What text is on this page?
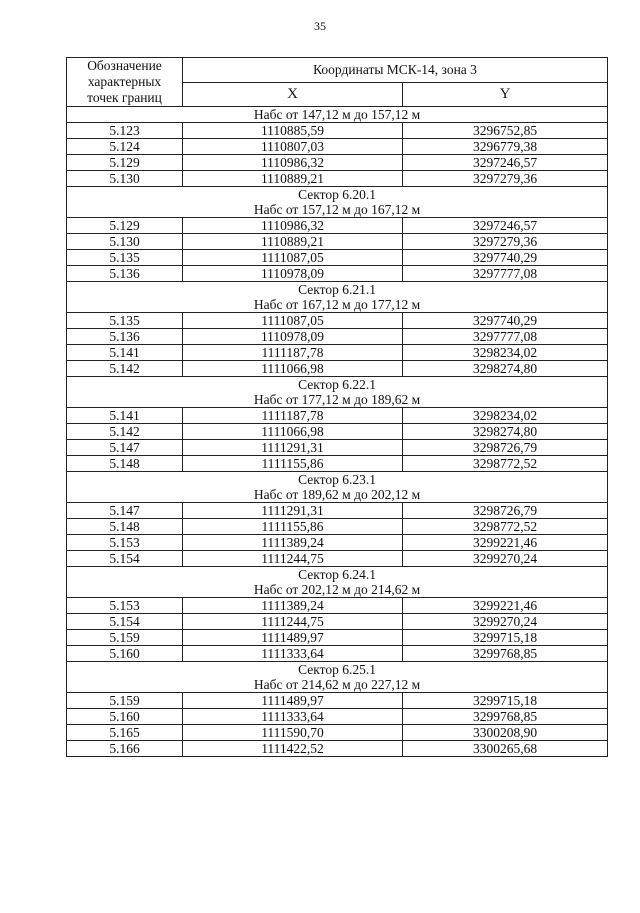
35
Обозначение
характерных
точек границ	Координаты МСК-14, зона 3	
	X	Y

Набс от 147,12 м до 157,12 м		

5.123	1110885,59	3296752,85
5.124	1110807,03	3296779,38
5.129	1110986,32	3297246,57
5.130	1110889,21	3297279,36

Сектор 6.20.1
Набс от 157,12 м до 167,12 м		

5.129	1110986,32	3297246,57
5.130	1110889,21	3297279,36
5.135	1111087,05	3297740,29
5.136	1110978,09	3297777,08

Сектор 6.21.1
Набс от 167,12 м до 177,12 м		

5.135	1111087,05	3297740,29
5.136	1110978,09	3297777,08
5.141	1111187,78	3298234,02
5.142	1111066,98	3298274,80

Сектор 6.22.1
Набс от 177,12 м до 189,62 м		

5.141	1111187,78	3298234,02
5.142	1111066,98	3298274,80
5.147	1111291,31	3298726,79
5.148	1111155,86	3298772,52

Сектор 6.23.1
Набс от 189,62 м до 202,12 м		

5.147	1111291,31	3298726,79
5.148	1111155,86	3298772,52
5.153	1111389,24	3299221,46
5.154	1111244,75	3299270,24

Сектор 6.24.1
Набс от 202,12 м до 214,62 м		

5.153	1111389,24	3299221,46
5.154	1111244,75	3299270,24
5.159	1111489,97	3299715,18
5.160	1111333,64	3299768,85

Сектор 6.25.1
Набс от 214,62 м до 227,12 м		

5.159	1111489,97	3299715,18
5.160	1111333,64	3299768,85
5.165	1111590,70	3300208,90
5.166	1111422,52	3300265,68
